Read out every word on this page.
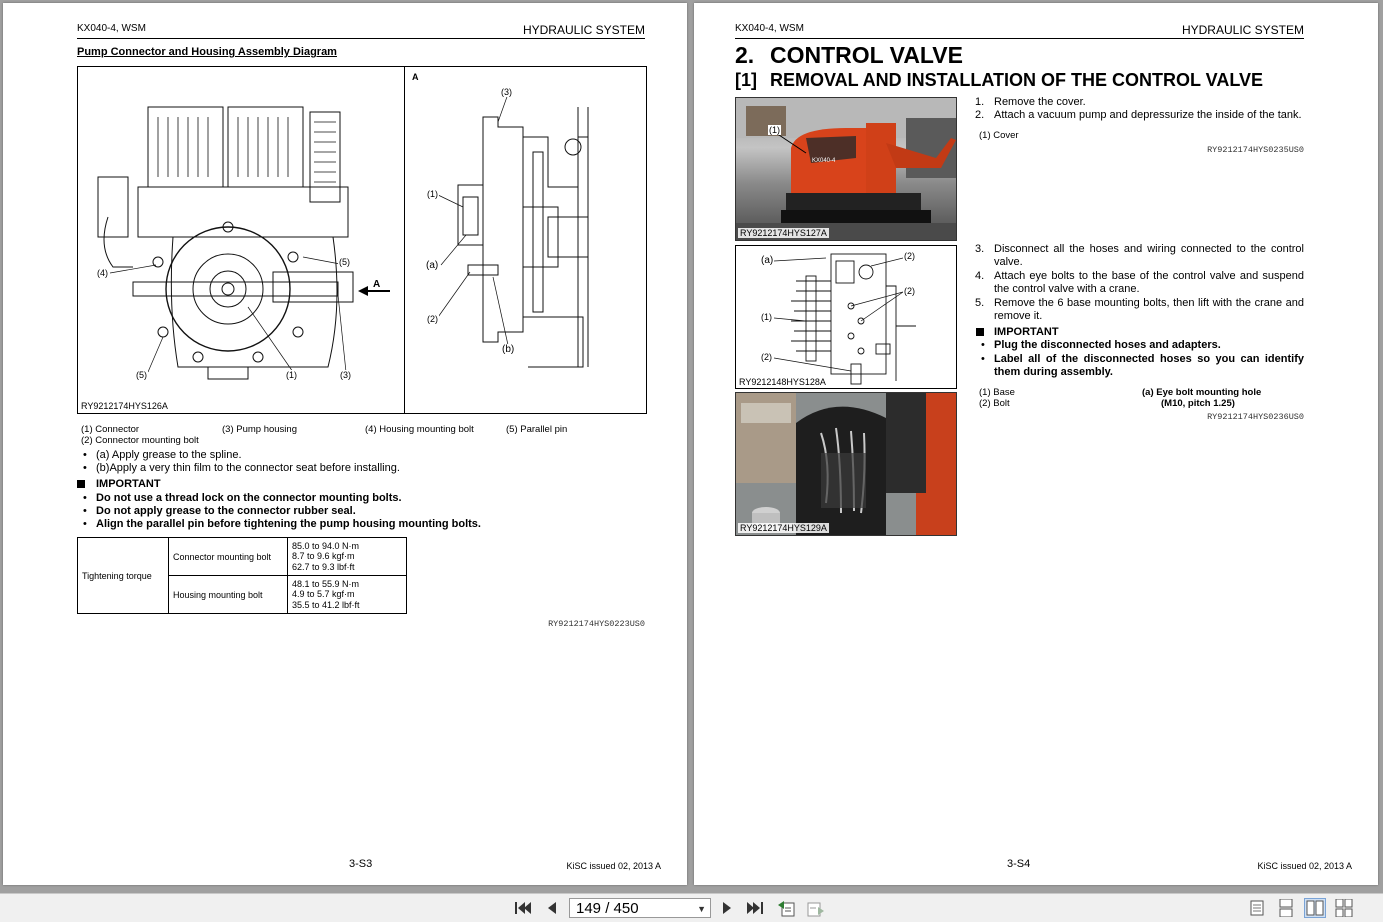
KX040-4, WSM	HYDRAULIC SYSTEM
Pump Connector and Housing Assembly Diagram
A
(4)
(5)
(5)
(1)	(3)
A
(3)
(1)
(a)
(2)
(b)
RY9212174HYS126A
(1) Connector
(2) Connector mounting bolt
(3) Pump housing	(4) Housing mounting bolt	(5) Parallel pin
• (a) Apply grease to the spline.
• (b)Apply a very thin film to the connector seat before installing.
IMPORTANT
• Do not use a thread lock on the connector mounting bolts.
• Do not apply grease to the connector rubber seal.
• Align the parallel pin before tightening the pump housing mounting bolts.
Tightening torque	Connector mounting bolt	85.0 to 94.0 N·m
8.7 to 9.6 kgf·m
62.7 to 9.3 lbf·ft

	Housing mounting bolt	48.1 to 55.9 N·m
4.9 to 5.7 kgf·m
35.5 to 41.2 lbf·ft
RY9212174HYS0223US0
3-S3	KiSC issued 02, 2013 A
KX040-4, WSM	HYDRAULIC SYSTEM
2. CONTROL VALVE
[1] REMOVAL AND INSTALLATION OF THE CONTROL VALVE
(1)
KX040-4
RY9212174HYS127A
1. Remove the cover.
2. Attach a vacuum pump and depressurize the inside of the tank.
(1) Cover
RY9212174HYS0235US0
(a)	(2)
(2)
(1)
(2)
RY9212148HYS128A
3. Disconnect all the hoses and wiring connected to the control
valve.
4. Attach eye bolts to the base of the control valve and suspend
the control valve with a crane.
5. Remove the 6 base mounting bolts, then lift with the crane and
remove it.
IMPORTANT
• Plug the disconnected hoses and adapters.
• Label all of the disconnected hoses so you can identify
them during assembly.
(1) Base
(2) Bolt
(a) Eye bolt mounting hole
(M10, pitch 1.25)
RY9212174HYS0236US0
RY9212174HYS129A
3-S4	KiSC issued 02, 2013 A
149 / 450	▼
